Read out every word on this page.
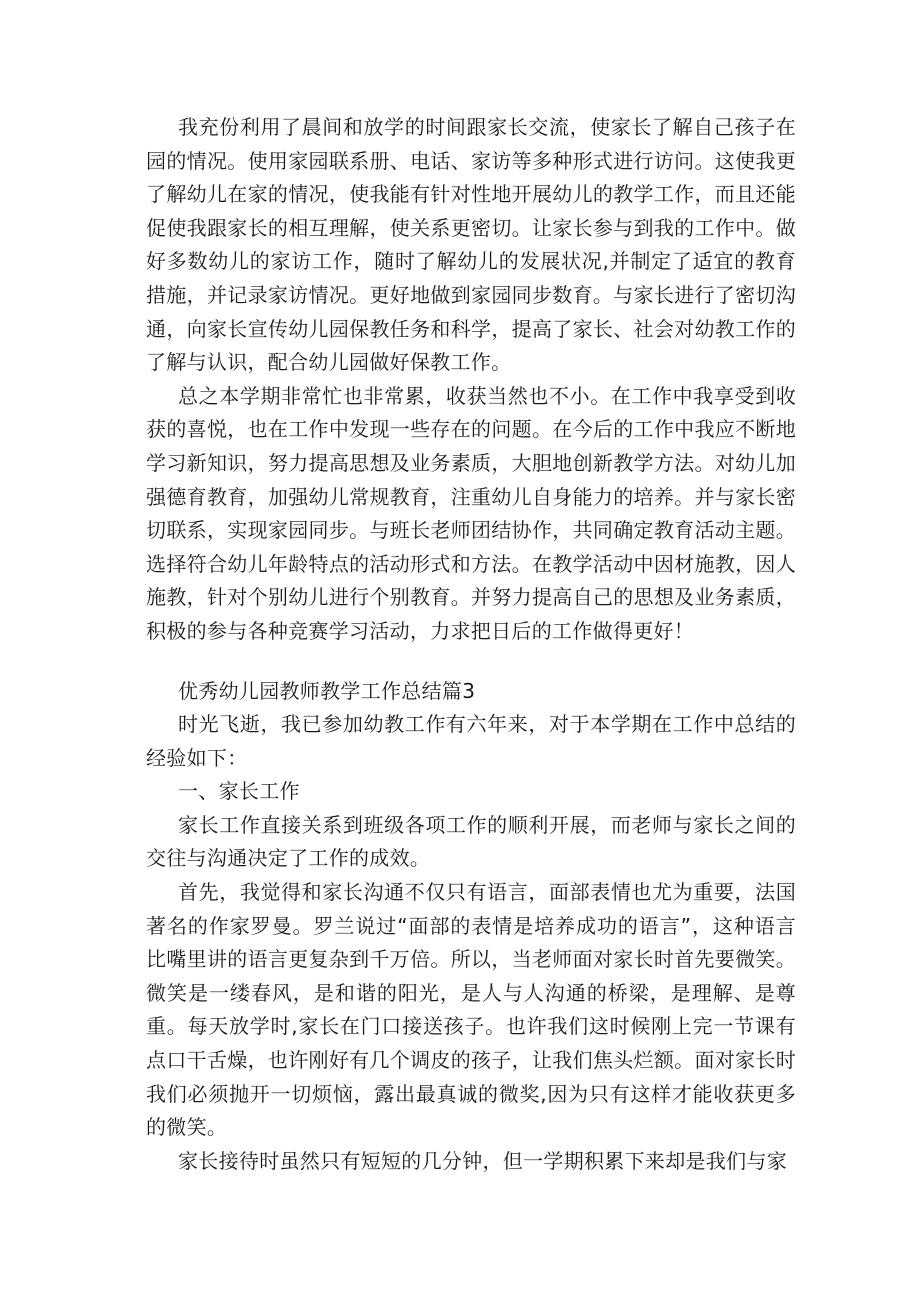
我充份利用了晨间和放学的时间跟家长交流，使家长了解自己孩子在园的情况。使用家园联系册、电话、家访等多种形式进行访问。这使我更了解幼儿在家的情况，使我能有针对性地开展幼儿的教学工作，而且还能促使我跟家长的相互理解，使关系更密切。让家长参与到我的工作中。做好多数幼儿的家访工作，随时了解幼儿的发展状况,并制定了适宜的教育措施，并记录家访情况。更好地做到家园同步数育。与家长进行了密切沟通，向家长宣传幼儿园保教任务和科学，提高了家长、社会对幼教工作的了解与认识，配合幼儿园做好保教工作。

总之本学期非常忙也非常累，收获当然也不小。在工作中我享受到收获的喜悦，也在工作中发现一些存在的问题。在今后的工作中我应不断地学习新知识，努力提高思想及业务素质，大胆地创新教学方法。对幼儿加强德育教育，加强幼儿常规教育，注重幼儿自身能力的培养。并与家长密切联系，实现家园同步。与班长老师团结协作，共同确定教育活动主题。选择符合幼儿年龄特点的活动形式和方法。在教学活动中因材施教，因人施教，针对个别幼儿进行个别教育。并努力提高自己的思想及业务素质，积极的参与各种竞赛学习活动，力求把日后的工作做得更好！

优秀幼儿园教师教学工作总结篇3

时光飞逝，我已参加幼教工作有六年来，对于本学期在工作中总结的经验如下：

一、家长工作

家长工作直接关系到班级各项工作的顺利开展，而老师与家长之间的交往与沟通决定了工作的成效。

首先，我觉得和家长沟通不仅只有语言，面部表情也尤为重要，法国著名的作家罗曼。罗兰说过“面部的表情是培养成功的语言”，这种语言比嘴里讲的语言更复杂到千万倍。所以，当老师面对家长时首先要微笑。微笑是一缕春风，是和谐的阳光，是人与人沟通的桥梁，是理解、是尊重。每天放学时,家长在门口接送孩子。也许我们这时候刚上完一节课有点口干舌燥，也许刚好有几个调皮的孩子，让我们焦头烂额。面对家长时我们必须抛开一切烦恼，露出最真诚的微奖,因为只有这样才能收获更多的微笑。

家长接待时虽然只有短短的几分钟，但一学期积累下来却是我们与家
